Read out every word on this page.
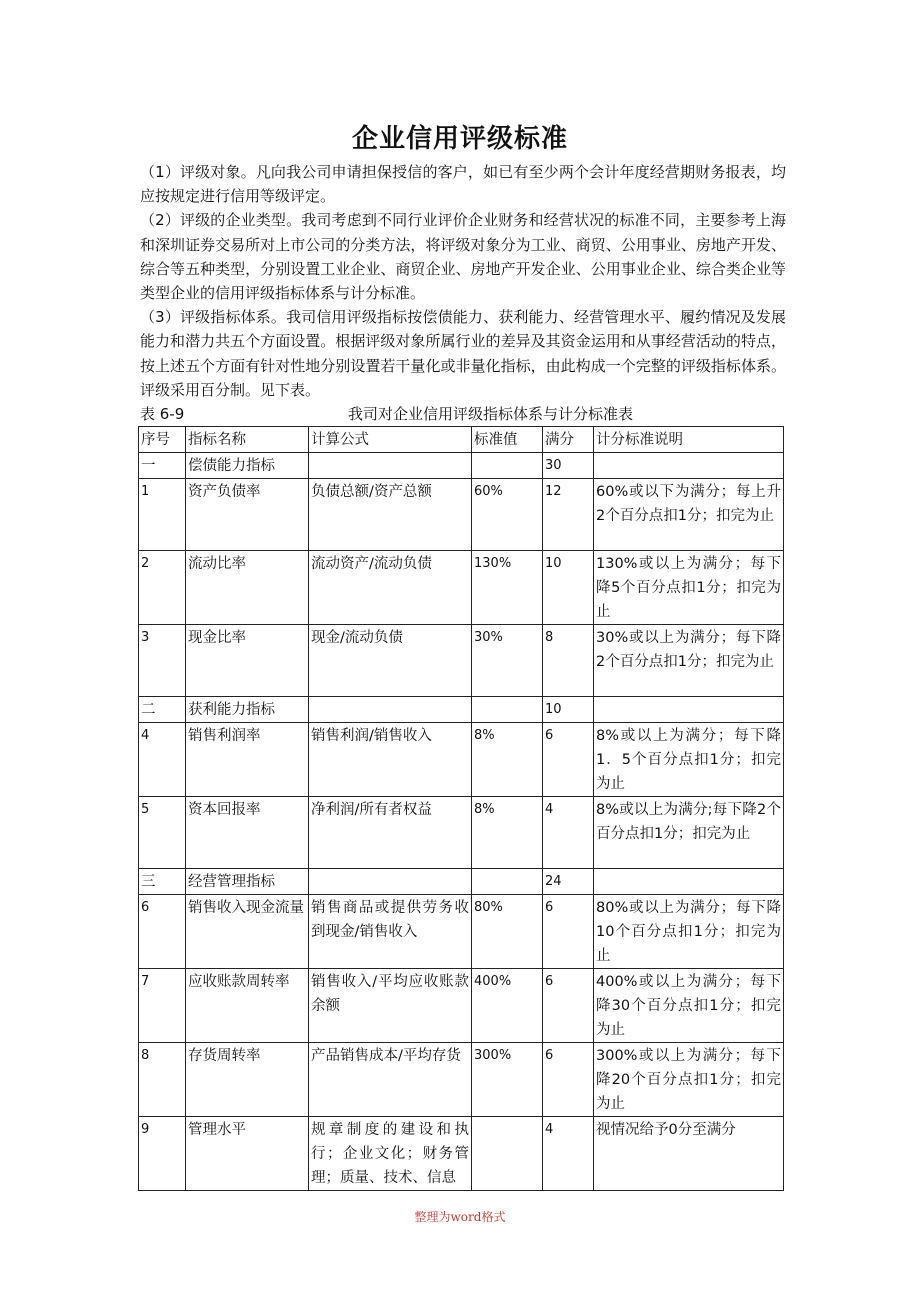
企业信用评级标准

（1）评级对象。凡向我公司申请担保授信的客户，如已有至少两个会计年度经营期财务报表，均应按规定进行信用等级评定。

（2）评级的企业类型。我司考虑到不同行业评价企业财务和经营状况的标准不同，主要参考上海和深圳证券交易所对上市公司的分类方法，将评级对象分为工业、商贸、公用事业、房地产开发、综合等五种类型，分别设置工业企业、商贸企业、房地产开发企业、公用事业企业、综合类企业等类型企业的信用评级指标体系与计分标准。

（3）评级指标体系。我司信用评级指标按偿债能力、获利能力、经营管理水平、履约情况及发展能力和潜力共五个方面设置。根据评级对象所属行业的差异及其资金运用和从事经营活动的特点，按上述五个方面有针对性地分别设置若干量化或非量化指标，由此构成一个完整的评级指标体系。评级采用百分制。见下表。

表 6-9	我司对企业信用评级指标体系与计分标准表
序号	指标名称	计算公式	标准值	满分	计分标准说明
一	偿债能力指标			30	
1	资产负债率	负债总额/资产总额	60%	12	60%或以下为满分；每上升2个百分点扣1分；扣完为止
2	流动比率	流动资产/流动负债	130%	10	130%或以上为满分；每下降5个百分点扣1分；扣完为止
3	现金比率	现金/流动负债	30%	8	30%或以上为满分；每下降2个百分点扣1分；扣完为止
二	获利能力指标			10	
4	销售利润率	销售利润/销售收入	8%	6	8%或以上为满分；每下降1．5个百分点扣1分；扣完为止
5	资本回报率	净利润/所有者权益	8%	4	8%或以上为满分;每下降2个百分点扣1分；扣完为止
三	经营管理指标			24	
6	销售收入现金流量	销售商品或提供劳务收到现金/销售收入	80%	6	80%或以上为满分；每下降10个百分点扣1分；扣完为止
7	应收账款周转率	销售收入/平均应收账款余额	400%	6	400%或以上为满分；每下降30个百分点扣1分；扣完为止
8	存货周转率	产品销售成本/平均存货	300%	6	300%或以上为满分；每下降20个百分点扣1分；扣完为止
9	管理水平	规章制度的建设和执行；企业文化；财务管理；质量、技术、信息		4	视情况给予0分至满分
整理为word格式
